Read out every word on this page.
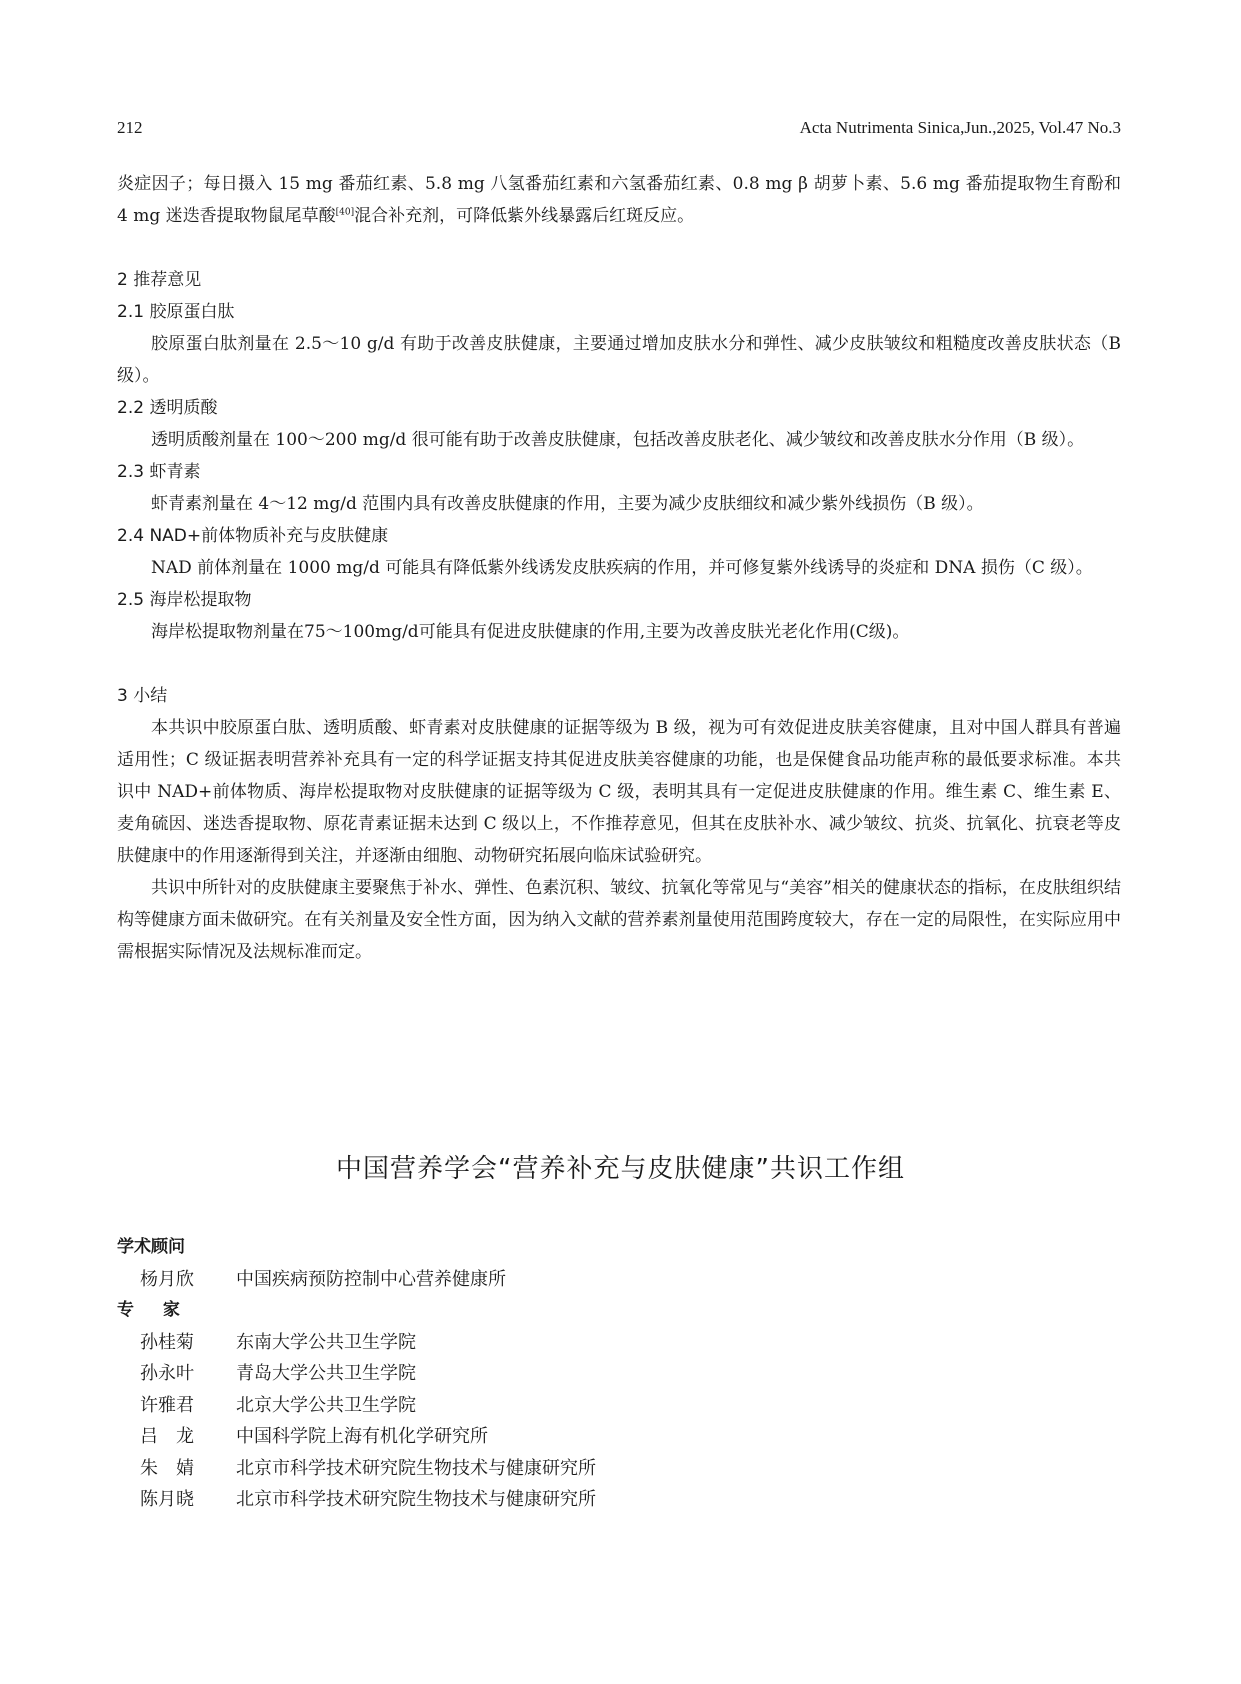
212	Acta Nutrimenta Sinica,Jun.,2025, Vol.47 No.3

炎症因子；每日摄入 15 mg 番茄红素、5.8 mg 八氢番茄红素和六氢番茄红素、0.8 mg β 胡萝卜素、5.6 mg 番茄提取物生育酚和 4 mg 迷迭香提取物鼠尾草酸[40]混合补充剂，可降低紫外线暴露后红斑反应。

2 推荐意见
2.1 胶原蛋白肽

胶原蛋白肽剂量在 2.5～10 g/d 有助于改善皮肤健康，主要通过增加皮肤水分和弹性、减少皮肤皱纹和粗糙度改善皮肤状态（B 级）。

2.2 透明质酸

透明质酸剂量在 100～200 mg/d 很可能有助于改善皮肤健康，包括改善皮肤老化、减少皱纹和改善皮肤水分作用（B 级）。

2.3 虾青素

虾青素剂量在 4～12 mg/d 范围内具有改善皮肤健康的作用，主要为减少皮肤细纹和减少紫外线损伤（B 级）。

2.4 NAD+前体物质补充与皮肤健康

NAD 前体剂量在 1000 mg/d 可能具有降低紫外线诱发皮肤疾病的作用，并可修复紫外线诱导的炎症和 DNA 损伤（C 级）。

2.5 海岸松提取物

海岸松提取物剂量在75～100mg/d可能具有促进皮肤健康的作用,主要为改善皮肤光老化作用(C级)。

3 小结

本共识中胶原蛋白肽、透明质酸、虾青素对皮肤健康的证据等级为 B 级，视为可有效促进皮肤美容健康，且对中国人群具有普遍适用性；C 级证据表明营养补充具有一定的科学证据支持其促进皮肤美容健康的功能，也是保健食品功能声称的最低要求标准。本共识中 NAD+前体物质、海岸松提取物对皮肤健康的证据等级为 C 级，表明其具有一定促进皮肤健康的作用。维生素 C、维生素 E、麦角硫因、迷迭香提取物、原花青素证据未达到 C 级以上，不作推荐意见，但其在皮肤补水、减少皱纹、抗炎、抗氧化、抗衰老等皮肤健康中的作用逐渐得到关注，并逐渐由细胞、动物研究拓展向临床试验研究。

共识中所针对的皮肤健康主要聚焦于补水、弹性、色素沉积、皱纹、抗氧化等常见与“美容”相关的健康状态的指标，在皮肤组织结构等健康方面未做研究。在有关剂量及安全性方面，因为纳入文献的营养素剂量使用范围跨度较大，存在一定的局限性，在实际应用中需根据实际情况及法规标准而定。

中国营养学会“营养补充与皮肤健康”共识工作组
学术顾问
杨月欣	中国疾病预防控制中心营养健康所
专家
孙桂菊	东南大学公共卫生学院
孙永叶	青岛大学公共卫生学院
许雅君	北京大学公共卫生学院
吕　龙	中国科学院上海有机化学研究所
朱　婧	北京市科学技术研究院生物技术与健康研究所
陈月晓	北京市科学技术研究院生物技术与健康研究所
